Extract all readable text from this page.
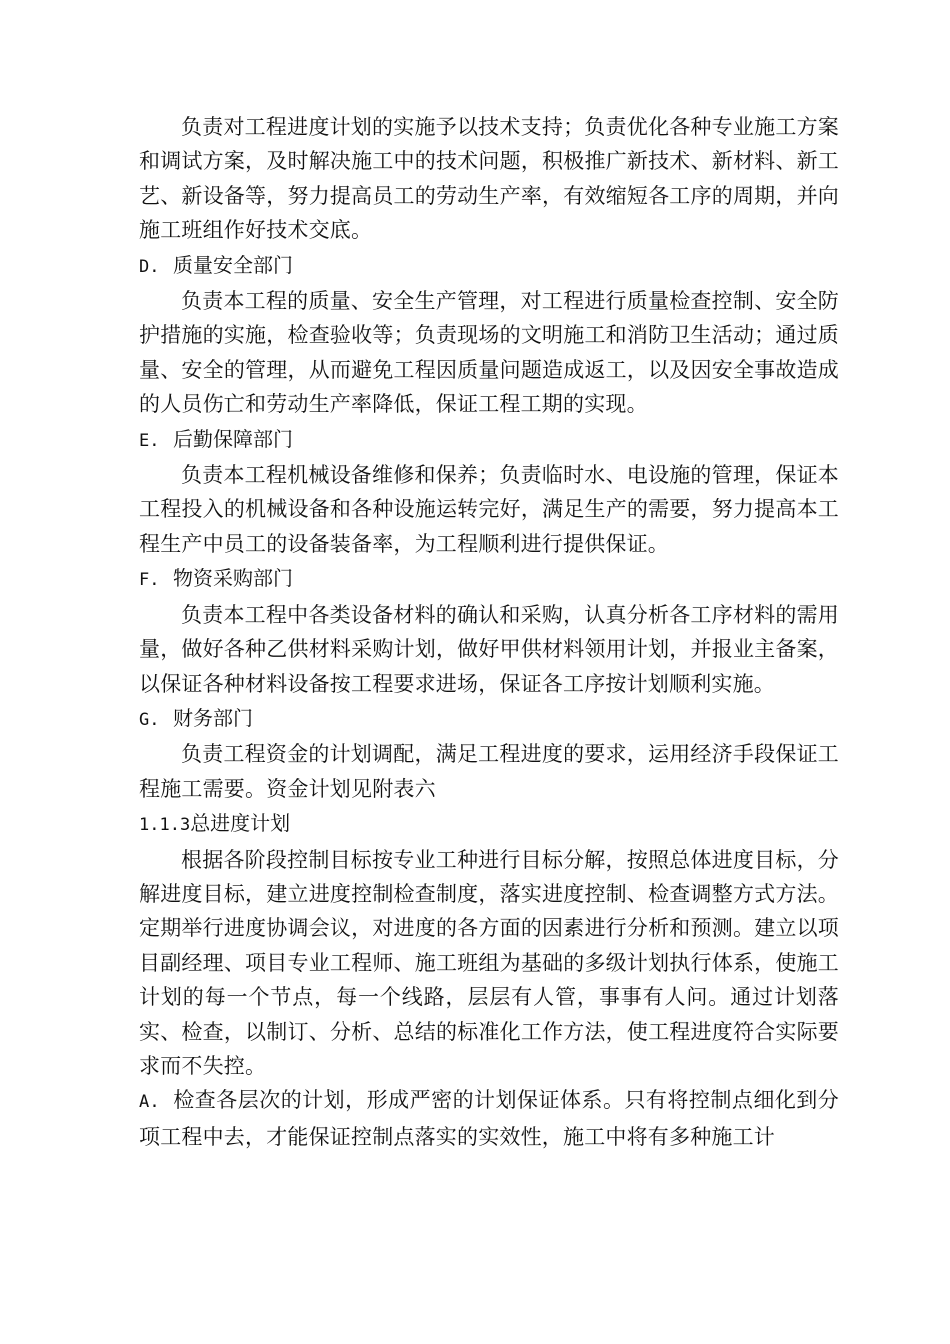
负责对工程进度计划的实施予以技术支持；负责优化各种专业施工方案和调试方案，及时解决施工中的技术问题，积极推广新技术、新材料、新工艺、新设备等，努力提高员工的劳动生产率，有效缩短各工序的周期，并向施工班组作好技术交底。

D. 质量安全部门

负责本工程的质量、安全生产管理，对工程进行质量检查控制、安全防护措施的实施，检查验收等；负责现场的文明施工和消防卫生活动；通过质量、安全的管理，从而避免工程因质量问题造成返工，以及因安全事故造成的人员伤亡和劳动生产率降低，保证工程工期的实现。

E. 后勤保障部门

负责本工程机械设备维修和保养；负责临时水、电设施的管理，保证本工程投入的机械设备和各种设施运转完好，满足生产的需要，努力提高本工程生产中员工的设备装备率，为工程顺利进行提供保证。

F. 物资采购部门

负责本工程中各类设备材料的确认和采购，认真分析各工序材料的需用量，做好各种乙供材料采购计划，做好甲供材料领用计划，并报业主备案，以保证各种材料设备按工程要求进场，保证各工序按计划顺利实施。

G. 财务部门

负责工程资金的计划调配，满足工程进度的要求，运用经济手段保证工程施工需要。资金计划见附表六

1.1.3总进度计划

根据各阶段控制目标按专业工种进行目标分解，按照总体进度目标，分解进度目标，建立进度控制检查制度，落实进度控制、检查调整方式方法。定期举行进度协调会议，对进度的各方面的因素进行分析和预测。建立以项目副经理、项目专业工程师、施工班组为基础的多级计划执行体系，使施工计划的每一个节点，每一个线路，层层有人管，事事有人问。通过计划落实、检查，以制订、分析、总结的标准化工作方法，使工程进度符合实际要求而不失控。

A. 检查各层次的计划，形成严密的计划保证体系。只有将控制点细化到分项工程中去，才能保证控制点落实的实效性，施工中将有多种施工计
